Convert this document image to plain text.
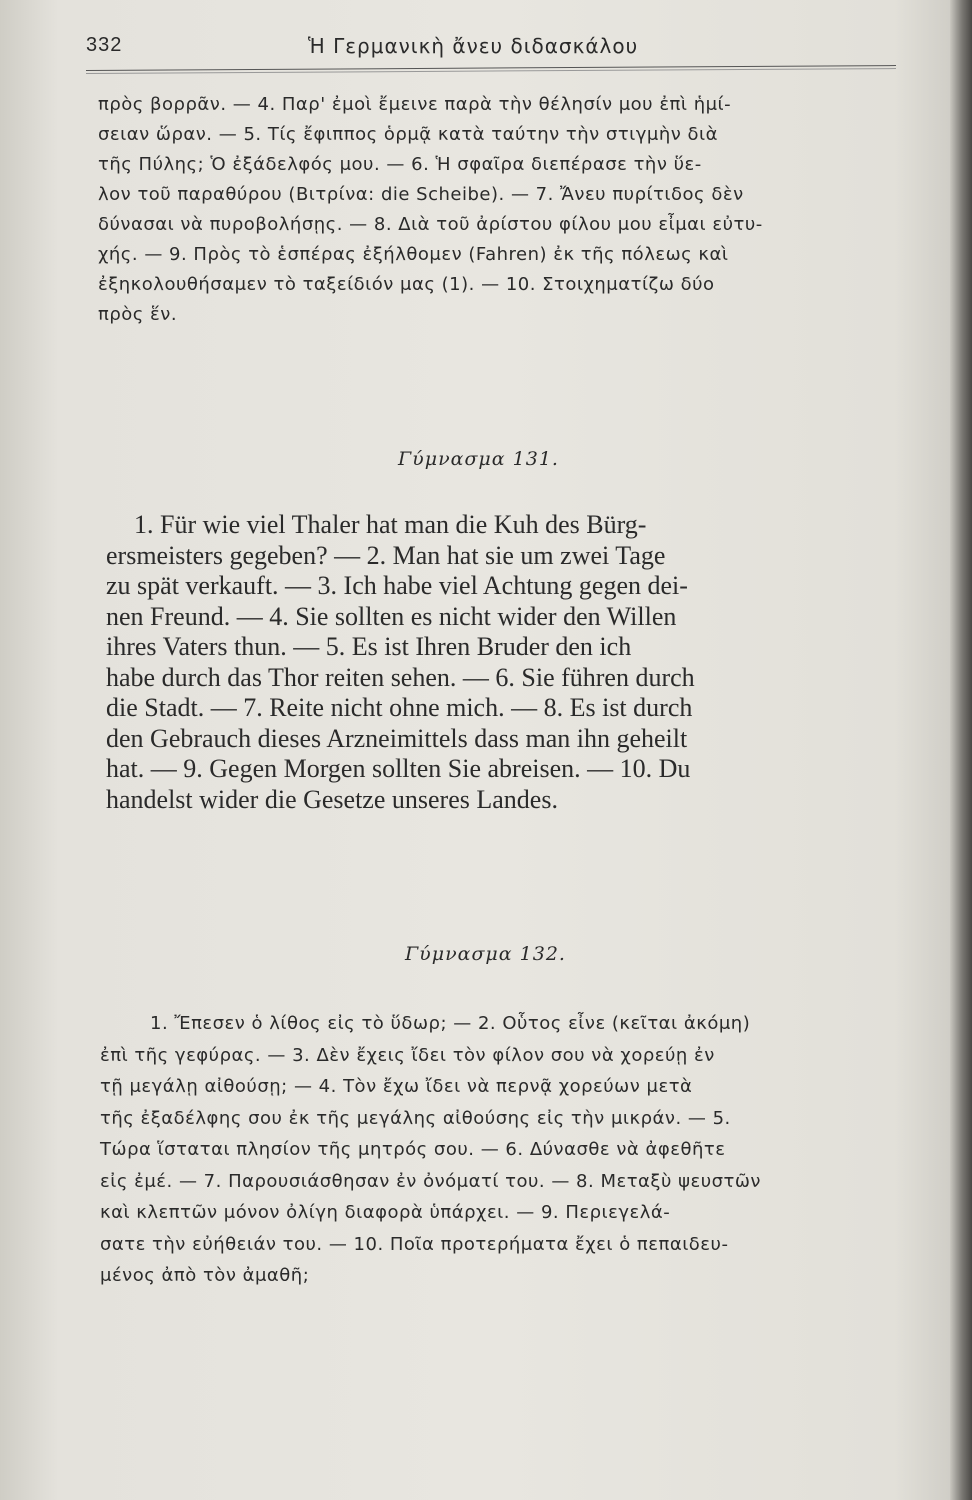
332	Ἡ Γερμανικὴ ἄνευ διδασκάλου
πρὸς βορρᾶν. — 4. Παρ' ἐμοὶ ἔμεινε παρὰ τὴν θέλησίν μου ἐπὶ ἡμί-
σειαν ὥραν. — 5. Τίς ἔφιππος ὁρμᾷ κατὰ ταύτην τὴν στιγμὴν διὰ
τῆς Πύλης; Ὁ ἐξάδελφός μου. — 6. Ἡ σφαῖρα διεπέρασε τὴν ὕε-
λον τοῦ παραθύρου (Βιτρίνα: die Scheibe). — 7. Ἄνευ πυρίτιδος δὲν
δύνασαι νὰ πυροβολήσῃς. — 8. Διὰ τοῦ ἀρίστου φίλου μου εἶμαι εὐτυ-
χής. — 9. Πρὸς τὸ ἑσπέρας ἐξήλθομεν (Fahren) ἐκ τῆς πόλεως καὶ
ἐξηκολουθήσαμεν τὸ ταξείδιόν μας (1). — 10. Στοιχηματίζω δύο
πρὸς ἕν.
Γύμνασμα 131.
1. Für wie viel Thaler hat man die Kuh des Bürg-
ersmeisters gegeben? — 2. Man hat sie um zwei Tage
zu spät verkauft. — 3. Ich habe viel Achtung gegen dei-
nen Freund. — 4. Sie sollten es nicht wider den Willen
ihres Vaters thun. — 5. Es ist Ihren Bruder den ich
habe durch das Thor reiten sehen. — 6. Sie führen durch
die Stadt. — 7. Reite nicht ohne mich. — 8. Es ist durch
den Gebrauch dieses Arzneimittels dass man ihn geheilt
hat. — 9. Gegen Morgen sollten Sie abreisen. — 10. Du
handelst wider die Gesetze unseres Landes.
Γύμνασμα 132.
1. Ἔπεσεν ὁ λίθος εἰς τὸ ὕδωρ; — 2. Οὗτος εἶνε (κεῖται ἀκόμη)
ἐπὶ τῆς γεφύρας. — 3. Δὲν ἔχεις ἴδει τὸν φίλον σου νὰ χορεύῃ ἐν
τῇ μεγάλῃ αἰθούσῃ; — 4. Τὸν ἔχω ἴδει νὰ περνᾷ χορεύων μετὰ
τῆς ἐξαδέλφης σου ἐκ τῆς μεγάλης αἰθούσης εἰς τὴν μικράν. — 5.
Τώρα ἵσταται πλησίον τῆς μητρός σου. — 6. Δύνασθε νὰ ἀφεθῆτε
εἰς ἐμέ. — 7. Παρουσιάσθησαν ἐν ὀνόματί του. — 8. Μεταξὺ ψευστῶν
καὶ κλεπτῶν μόνον ὀλίγη διαφορὰ ὑπάρχει. — 9. Περιεγελά-
σατε τὴν εὐήθειάν του. — 10. Ποῖα προτερήματα ἔχει ὁ πεπαιδευ-
μένος ἀπὸ τὸν ἀμαθῆ;
